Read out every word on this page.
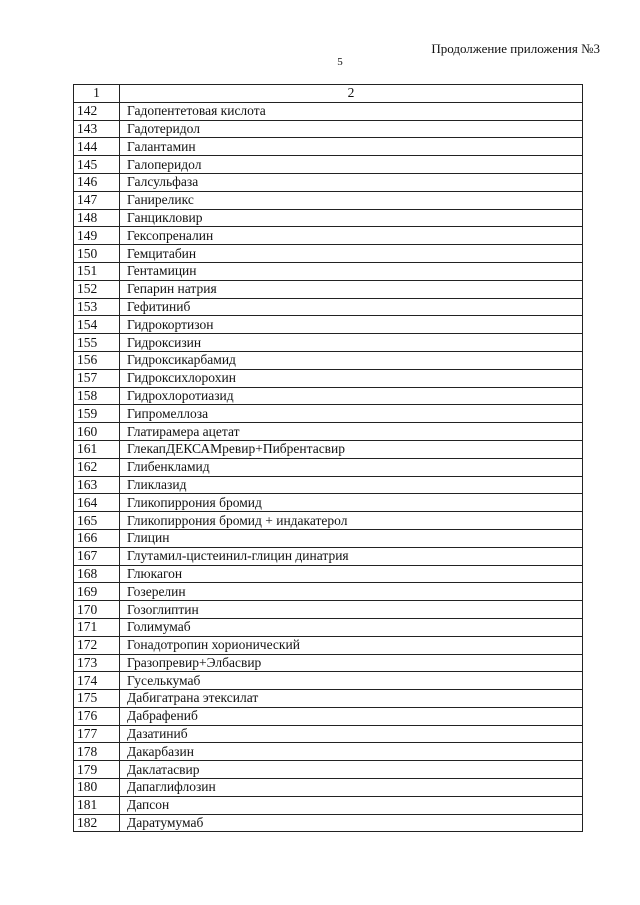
Продолжение приложения №3
5
1	2
142	Гадопентетовая кислота
143	Гадотеридол
144	Галантамин
145	Галоперидол
146	Галсульфаза
147	Ганиреликс
148	Ганцикловир
149	Гексопреналин
150	Гемцитабин
151	Гентамицин
152	Гепарин натрия
153	Гефитиниб
154	Гидрокортизон
155	Гидроксизин
156	Гидроксикарбамид
157	Гидроксихлорохин
158	Гидрохлоротиазид
159	Гипромеллоза
160	Глатирамера ацетат
161	ГлекапДЕКСАМревир+Пибрентасвир
162	Глибенкламид
163	Гликлазид
164	Гликопиррония бромид
165	Гликопиррония бромид + индакатерол
166	Глицин
167	Глутамил-цистеинил-глицин динатрия
168	Глюкагон
169	Гозерелин
170	Гозоглиптин
171	Голимумаб
172	Гонадотропин хорионический
173	Гразопревир+Элбасвир
174	Гуселькумаб
175	Дабигатрана этексилат
176	Дабрафениб
177	Дазатиниб
178	Дакарбазин
179	Даклатасвир
180	Дапаглифлозин
181	Дапсон
182	Даратумумаб
